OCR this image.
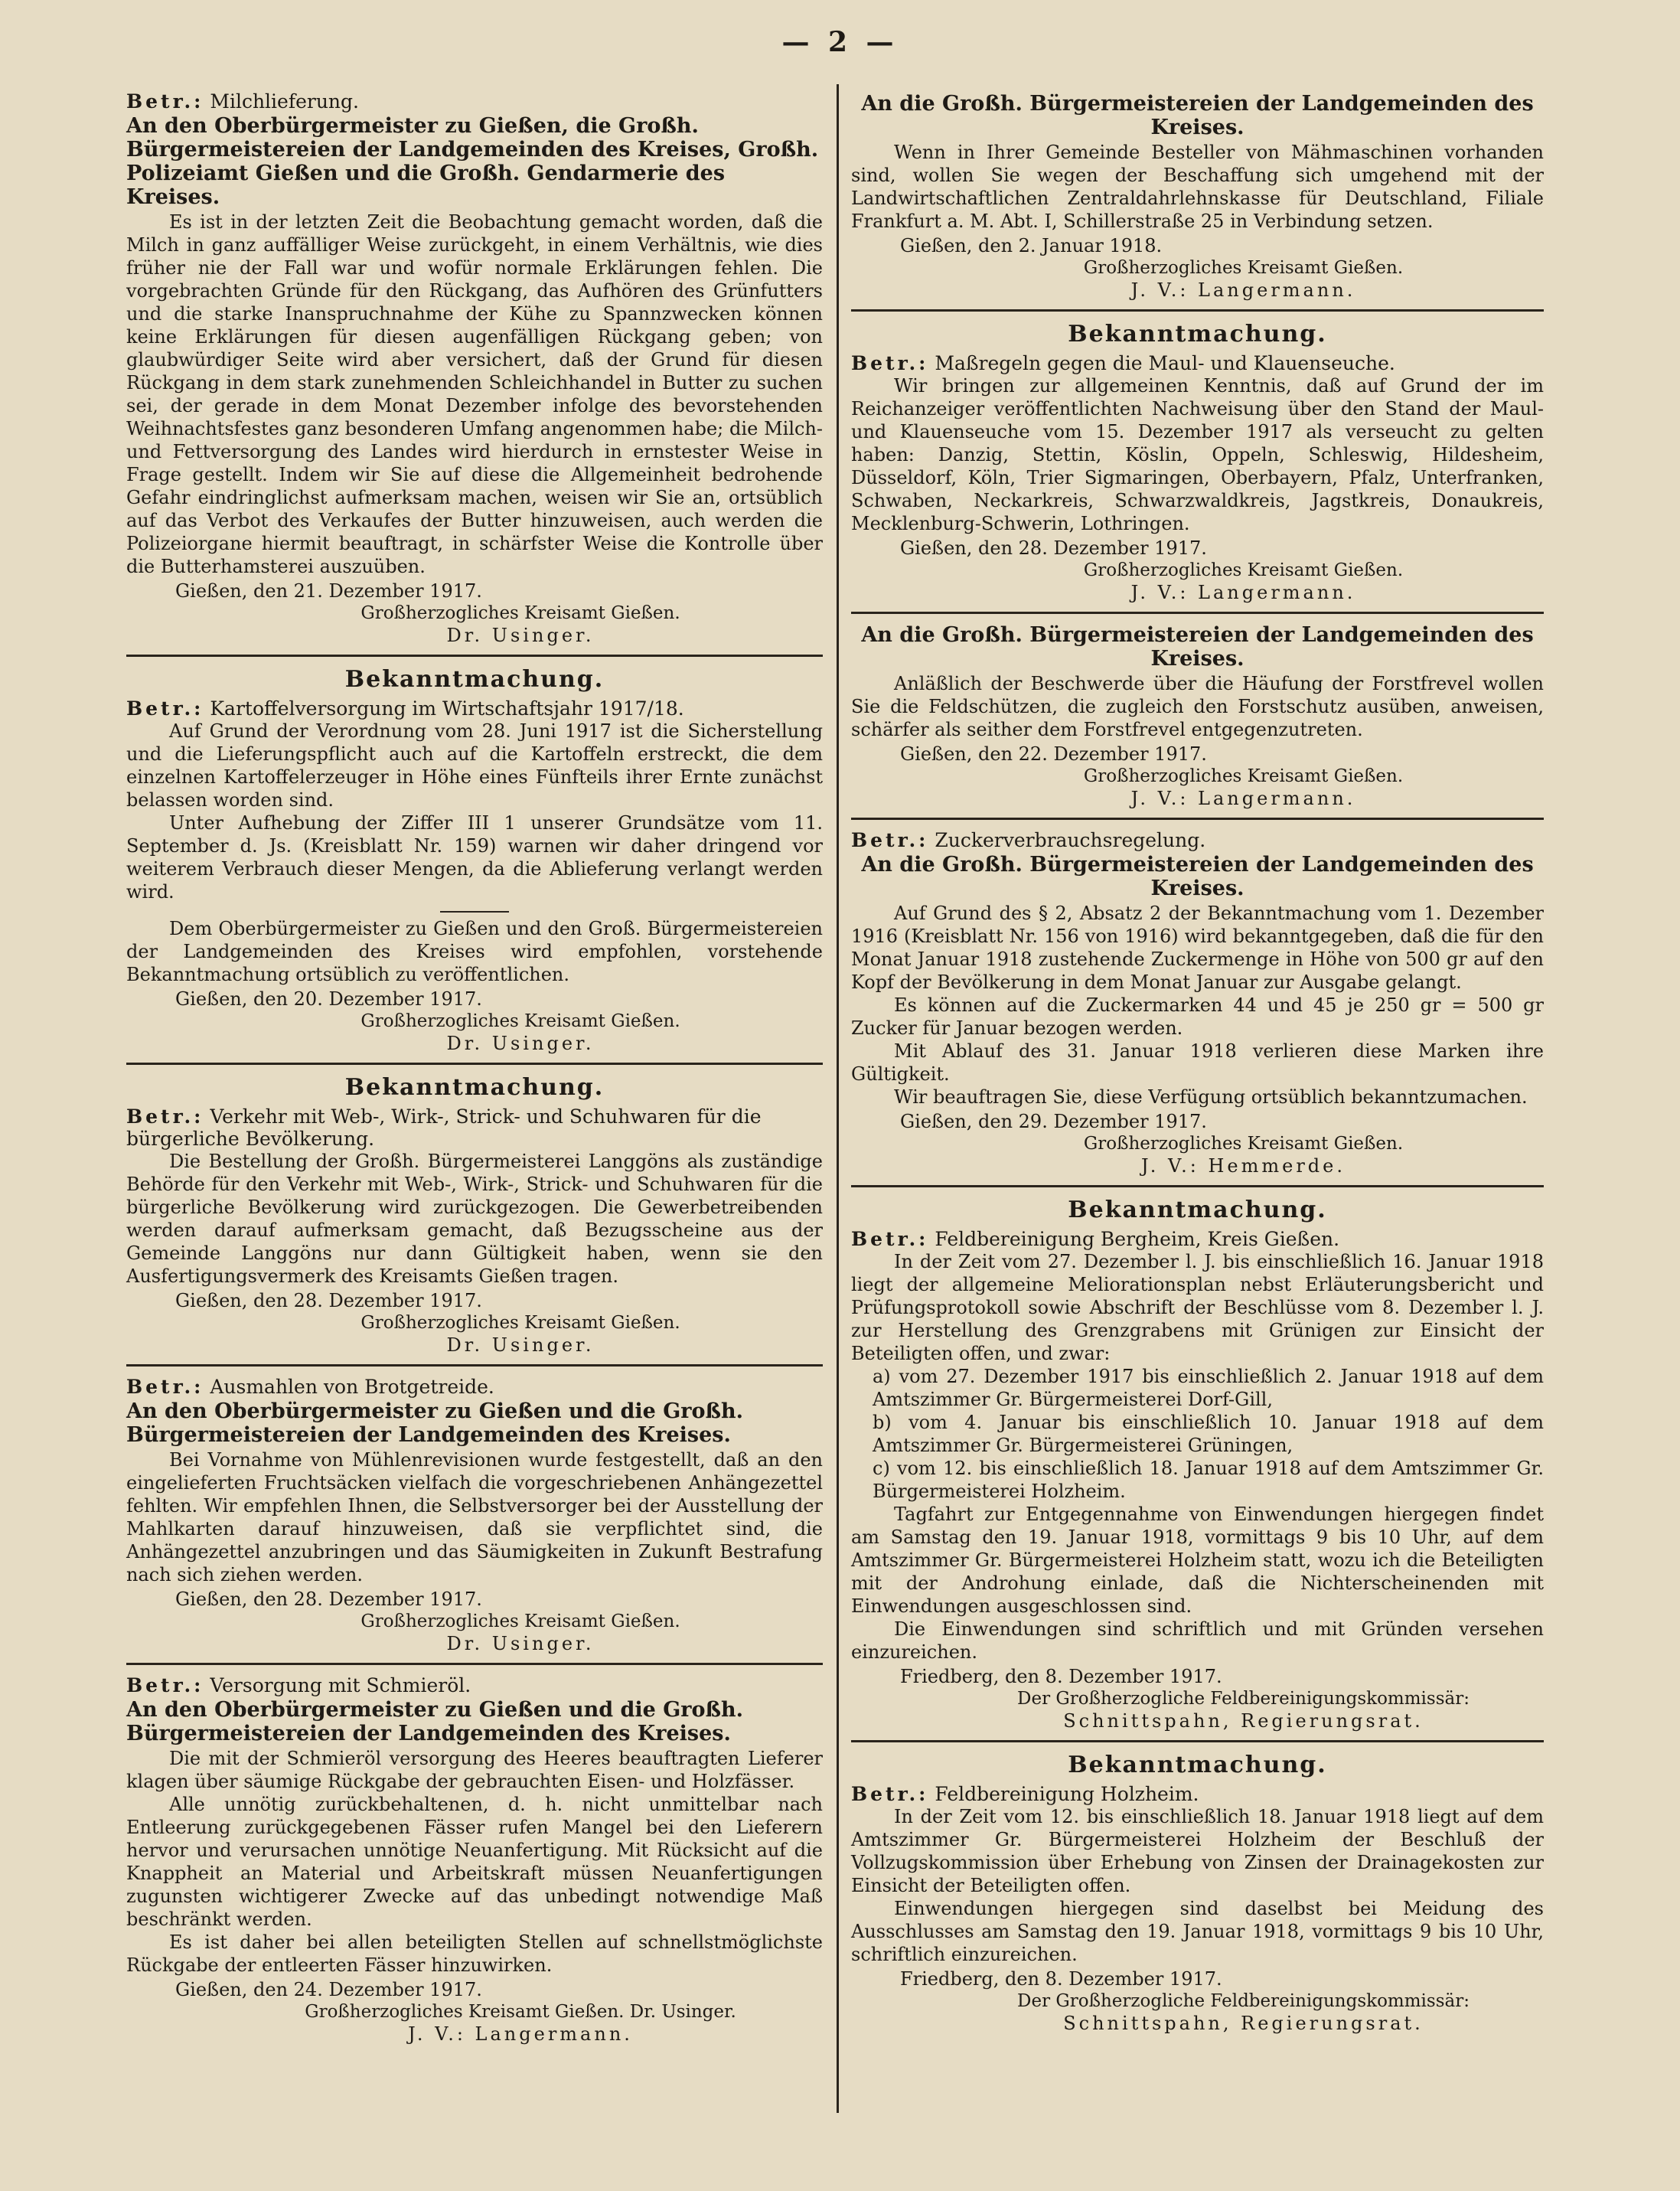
— 2 —

Betr.: Milchlieferung.

An den Oberbürgermeister zu Gießen, die Großh. Bürgermeistereien der Landgemeinden des Kreises, Großh. Polizeiamt Gießen und die Großh. Gendarmerie des Kreises.

Es ist in der letzten Zeit die Beobachtung gemacht worden, daß die Milch in ganz auffälliger Weise zurückgeht, in einem Verhältnis, wie dies früher nie der Fall war und wofür normale Erklärungen fehlen. Die vorgebrachten Gründe für den Rückgang, das Aufhören des Grünfutters und die starke Inanspruchnahme der Kühe zu Spannzwecken können keine Erklärungen für diesen augenfälligen Rückgang geben; von glaubwürdiger Seite wird aber versichert, daß der Grund für diesen Rückgang in dem stark zunehmenden Schleichhandel in Butter zu suchen sei, der gerade in dem Monat Dezember infolge des bevorstehenden Weihnachtsfestes ganz besonderen Umfang angenommen habe; die Milch- und Fettversorgung des Landes wird hierdurch in ernstester Weise in Frage gestellt. Indem wir Sie auf diese die Allgemeinheit bedrohende Gefahr eindringlichst aufmerksam machen, weisen wir Sie an, ortsüblich auf das Verbot des Verkaufes der Butter hinzuweisen, auch werden die Polizeiorgane hiermit beauftragt, in schärfster Weise die Kontrolle über die Butterhamsterei auszuüben.

Gießen, den 21. Dezember 1917.

Großherzogliches Kreisamt Gießen.

Dr. Usinger.

Bekanntmachung.

Betr.: Kartoffelversorgung im Wirtschaftsjahr 1917/18.

Auf Grund der Verordnung vom 28. Juni 1917 ist die Sicherstellung und die Lieferungspflicht auch auf die Kartoffeln erstreckt, die dem einzelnen Kartoffelerzeuger in Höhe eines Fünfteils ihrer Ernte zunächst belassen worden sind.

Unter Aufhebung der Ziffer III 1 unserer Grundsätze vom 11. September d. Js. (Kreisblatt Nr. 159) warnen wir daher dringend vor weiterem Verbrauch dieser Mengen, da die Ablieferung verlangt werden wird.

Dem Oberbürgermeister zu Gießen und den Groß. Bürgermeistereien der Landgemeinden des Kreises wird empfohlen, vorstehende Bekanntmachung ortsüblich zu veröffentlichen.

Gießen, den 20. Dezember 1917.

Großherzogliches Kreisamt Gießen.

Dr. Usinger.

Bekanntmachung.

Betr.: Verkehr mit Web-, Wirk-, Strick- und Schuhwaren für die bürgerliche Bevölkerung.

Die Bestellung der Großh. Bürgermeisterei Langgöns als zuständige Behörde für den Verkehr mit Web-, Wirk-, Strick- und Schuhwaren für die bürgerliche Bevölkerung wird zurückgezogen. Die Gewerbetreibenden werden darauf aufmerksam gemacht, daß Bezugsscheine aus der Gemeinde Langgöns nur dann Gültigkeit haben, wenn sie den Ausfertigungsvermerk des Kreisamts Gießen tragen.

Gießen, den 28. Dezember 1917.

Großherzogliches Kreisamt Gießen.

Dr. Usinger.

Betr.: Ausmahlen von Brotgetreide.

An den Oberbürgermeister zu Gießen und die Großh. Bürgermeistereien der Landgemeinden des Kreises.

Bei Vornahme von Mühlenrevisionen wurde festgestellt, daß an den eingelieferten Fruchtsäcken vielfach die vorgeschriebenen Anhängezettel fehlten. Wir empfehlen Ihnen, die Selbstversorger bei der Ausstellung der Mahlkarten darauf hinzuweisen, daß sie verpflichtet sind, die Anhängezettel anzubringen und das Säumigkeiten in Zukunft Bestrafung nach sich ziehen werden.

Gießen, den 28. Dezember 1917.

Großherzogliches Kreisamt Gießen.

Dr. Usinger.

Betr.: Versorgung mit Schmieröl.

An den Oberbürgermeister zu Gießen und die Großh. Bürgermeistereien der Landgemeinden des Kreises.

Die mit der Schmieröl versorgung des Heeres beauftragten Lieferer klagen über säumige Rückgabe der gebrauchten Eisen- und Holzfässer.

Alle unnötig zurückbehaltenen, d. h. nicht unmittelbar nach Entleerung zurückgegebenen Fässer rufen Mangel bei den Lieferern hervor und verursachen unnötige Neuanfertigung. Mit Rücksicht auf die Knappheit an Material und Arbeitskraft müssen Neuanfertigungen zugunsten wichtigerer Zwecke auf das unbedingt notwendige Maß beschränkt werden.

Es ist daher bei allen beteiligten Stellen auf schnellstmöglichste Rückgabe der entleerten Fässer hinzuwirken.

Gießen, den 24. Dezember 1917.

Großherzogliches Kreisamt Gießen. Dr. Usinger.

J. V.: Langermann.

An die Großh. Bürgermeistereien der Landgemeinden des Kreises.

Wenn in Ihrer Gemeinde Besteller von Mähmaschinen vorhanden sind, wollen Sie wegen der Beschaffung sich umgehend mit der Landwirtschaftlichen Zentraldahrlehnskasse für Deutschland, Filiale Frankfurt a. M. Abt. I, Schillerstraße 25 in Verbindung setzen.

Gießen, den 2. Januar 1918.

Großherzogliches Kreisamt Gießen.

J. V.: Langermann.

Bekanntmachung.

Betr.: Maßregeln gegen die Maul- und Klauenseuche.

Wir bringen zur allgemeinen Kenntnis, daß auf Grund der im Reichanzeiger veröffentlichten Nachweisung über den Stand der Maul- und Klauenseuche vom 15. Dezember 1917 als verseucht zu gelten haben: Danzig, Stettin, Köslin, Oppeln, Schleswig, Hildesheim, Düsseldorf, Köln, Trier Sigmaringen, Oberbayern, Pfalz, Unterfranken, Schwaben, Neckarkreis, Schwarzwaldkreis, Jagstkreis, Donaukreis, Mecklenburg-Schwerin, Lothringen.

Gießen, den 28. Dezember 1917.

Großherzogliches Kreisamt Gießen.

J. V.: Langermann.

An die Großh. Bürgermeistereien der Landgemeinden des Kreises.

Anläßlich der Beschwerde über die Häufung der Forstfrevel wollen Sie die Feldschützen, die zugleich den Forstschutz ausüben, anweisen, schärfer als seither dem Forstfrevel entgegenzutreten.

Gießen, den 22. Dezember 1917.

Großherzogliches Kreisamt Gießen.

J. V.: Langermann.

Betr.: Zuckerverbrauchsregelung.

An die Großh. Bürgermeistereien der Landgemeinden des Kreises.

Auf Grund des § 2, Absatz 2 der Bekanntmachung vom 1. Dezember 1916 (Kreisblatt Nr. 156 von 1916) wird bekanntgegeben, daß die für den Monat Januar 1918 zustehende Zuckermenge in Höhe von 500 gr auf den Kopf der Bevölkerung in dem Monat Januar zur Ausgabe gelangt.

Es können auf die Zuckermarken 44 und 45 je 250 gr = 500 gr Zucker für Januar bezogen werden.

Mit Ablauf des 31. Januar 1918 verlieren diese Marken ihre Gültigkeit.

Wir beauftragen Sie, diese Verfügung ortsüblich bekanntzumachen.

Gießen, den 29. Dezember 1917.

Großherzogliches Kreisamt Gießen.

J. V.: Hemmerde.

Bekanntmachung.

Betr.: Feldbereinigung Bergheim, Kreis Gießen.

In der Zeit vom 27. Dezember l. J. bis einschließlich 16. Januar 1918 liegt der allgemeine Meliorationsplan nebst Erläuterungsbericht und Prüfungsprotokoll sowie Abschrift der Beschlüsse vom 8. Dezember l. J. zur Herstellung des Grenzgrabens mit Grünigen zur Einsicht der Beteiligten offen, und zwar:

a) vom 27. Dezember 1917 bis einschließlich 2. Januar 1918 auf dem Amtszimmer Gr. Bürgermeisterei Dorf-Gill,
b) vom 4. Januar bis einschließlich 10. Januar 1918 auf dem Amtszimmer Gr. Bürgermeisterei Grüningen,
c) vom 12. bis einschließlich 18. Januar 1918 auf dem Amtszimmer Gr. Bürgermeisterei Holzheim.

Tagfahrt zur Entgegennahme von Einwendungen hiergegen findet am Samstag den 19. Januar 1918, vormittags 9 bis 10 Uhr, auf dem Amtszimmer Gr. Bürgermeisterei Holzheim statt, wozu ich die Beteiligten mit der Androhung einlade, daß die Nichterscheinenden mit Einwendungen ausgeschlossen sind.

Die Einwendungen sind schriftlich und mit Gründen versehen einzureichen.

Friedberg, den 8. Dezember 1917.

Der Großherzogliche Feldbereinigungskommissär:

Schnittspahn, Regierungsrat.

Bekanntmachung.

Betr.: Feldbereinigung Holzheim.

In der Zeit vom 12. bis einschließlich 18. Januar 1918 liegt auf dem Amtszimmer Gr. Bürgermeisterei Holzheim der Beschluß der Vollzugskommission über Erhebung von Zinsen der Drainagekosten zur Einsicht der Beteiligten offen.

Einwendungen hiergegen sind daselbst bei Meidung des Ausschlusses am Samstag den 19. Januar 1918, vormittags 9 bis 10 Uhr, schriftlich einzureichen.

Friedberg, den 8. Dezember 1917.

Der Großherzogliche Feldbereinigungskommissär:

Schnittspahn, Regierungsrat.
